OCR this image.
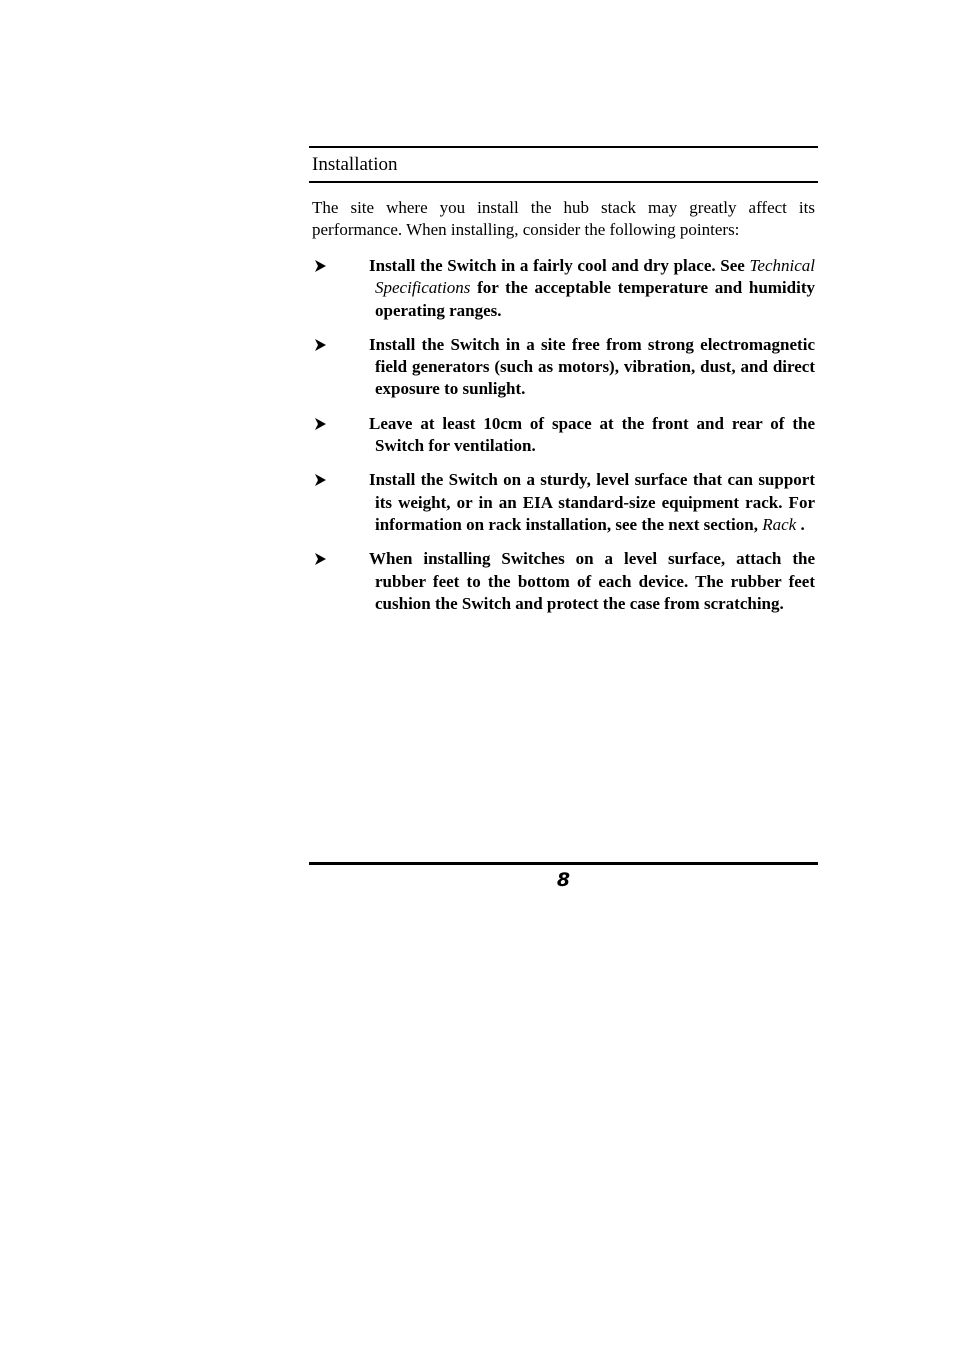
Installation

The site where you install the hub stack may greatly affect its performance. When installing, consider the following pointers:

Install the Switch in a fairly cool and dry place. See Technical Specifications for the acceptable temperature and humidity operating ranges.
Install the Switch in a site free from strong electromagnetic field generators (such as motors), vibration, dust, and direct exposure to sunlight.
Leave at least 10cm of space at the front and rear of the Switch for ventilation.
Install the Switch on a sturdy, level surface that can support its weight, or in an EIA standard-size equipment rack. For information on rack installation, see the next section, Rack .
When installing Switches on a level surface, attach the rubber feet to the bottom of each device. The rubber feet cushion the Switch and protect the case from scratching.
8
